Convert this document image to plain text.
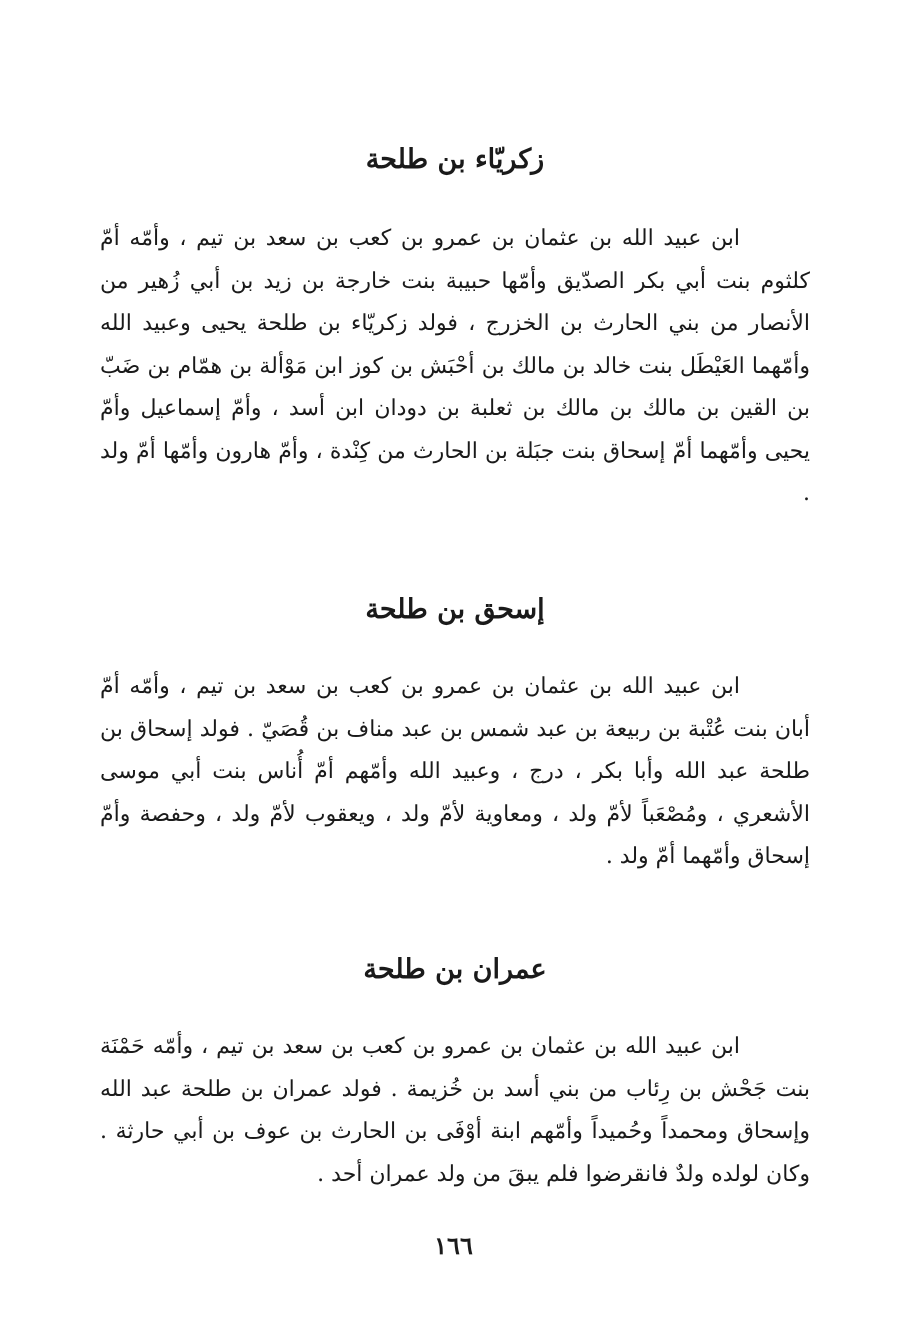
زكريّاء بن طلحة

ابن عبيد الله بن عثمان بن عمرو بن كعب بن سعد بن تيم ، وأمّه أمّ كلثوم بنت أبي بكر الصدّيق وأمّها حبيبة بنت خارجة بن زيد بن أبي زُهير من الأنصار من بني الحارث بن الخزرج ، فولد زكريّاء بن طلحة يحيى وعبيد الله وأمّهما العَيْطَل بنت خالد بن مالك بن أحْبَش بن كوز ابن مَوْألة بن همّام بن ضَبّ بن القين بن مالك بن مالك بن ثعلبة بن دودان ابن أسد ، وأمّ إسماعيل وأمّ يحيى وأمّهما أمّ إسحاق بنت جبَلة بن الحارث من كِنْدة ، وأمّ هارون وأمّها أمّ ولد .

إسحق بن طلحة

ابن عبيد الله بن عثمان بن عمرو بن كعب بن سعد بن تيم ، وأمّه أمّ أبان بنت عُتْبة بن ربيعة بن عبد شمس بن عبد مناف بن قُصَيّ . فولد إسحاق بن طلحة عبد الله وأبا بكر ، درج ، وعبيد الله وأمّهم أمّ أُناس بنت أبي موسى الأشعري ، ومُصْعَباً لأمّ ولد ، ومعاوية لأمّ ولد ، ويعقوب لأمّ ولد ، وحفصة وأمّ إسحاق وأمّهما أمّ ولد .

عمران بن طلحة

ابن عبيد الله بن عثمان بن عمرو بن كعب بن سعد بن تيم ، وأمّه حَمْنَة بنت جَحْش بن رِئاب من بني أسد بن خُزيمة . فولد عمران بن طلحة عبد الله وإسحاق ومحمداً وحُميداً وأمّهم ابنة أوْفَى بن الحارث بن عوف بن أبي حارثة . وكان لولده ولدٌ فانقرضوا فلم يبقَ من ولد عمران أحد .

١٦٦
